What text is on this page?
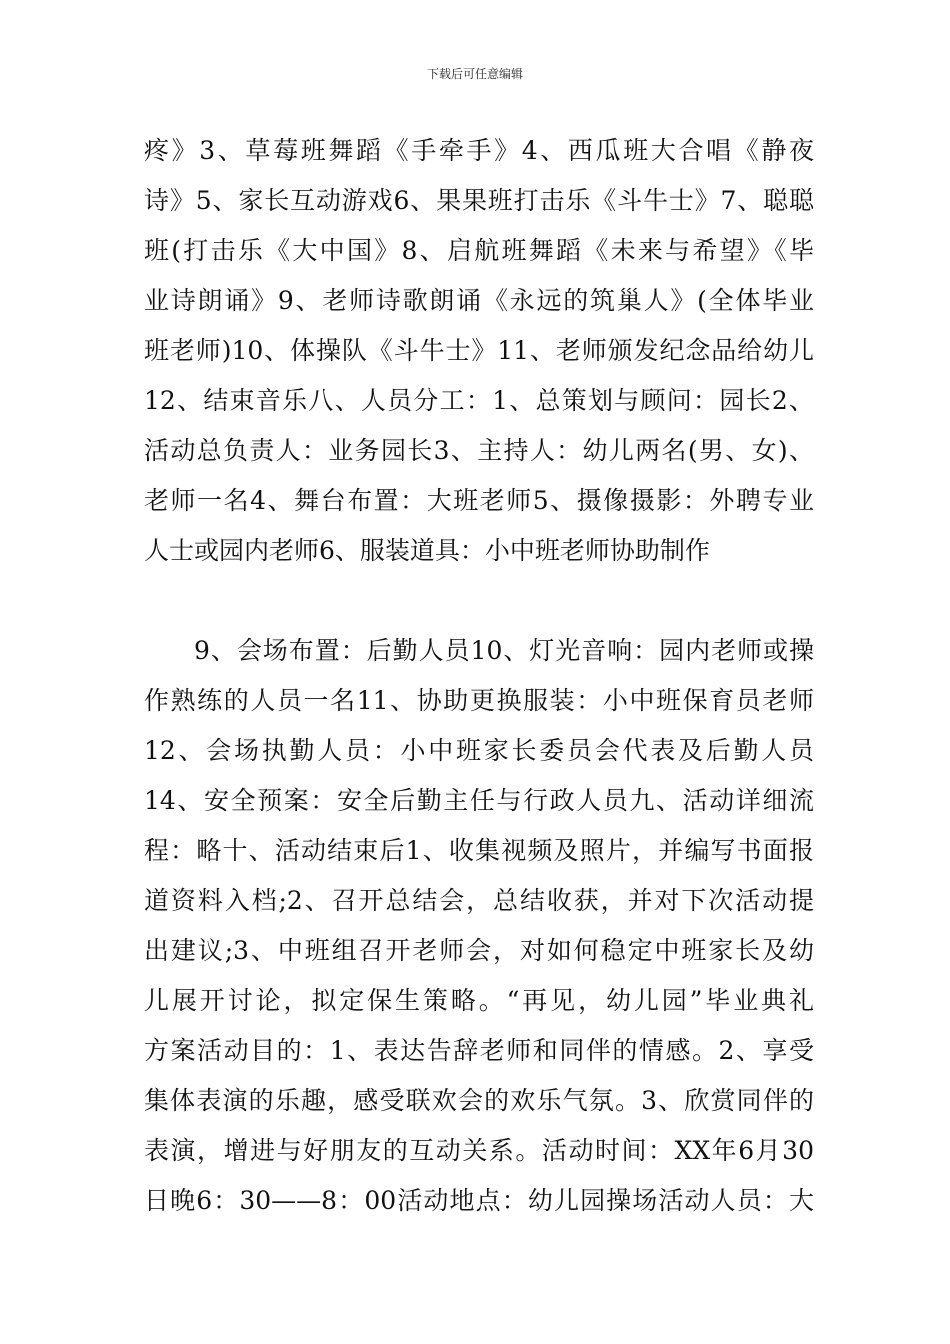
下载后可任意编辑
疼》3、草莓班舞蹈《手牵手》4、西瓜班大合唱《静夜
诗》5、家长互动游戏6、果果班打击乐《斗牛士》7、聪聪
班(打击乐《大中国》8、启航班舞蹈《未来与希望》《毕
业诗朗诵》9、老师诗歌朗诵《永远的筑巢人》(全体毕业
班老师)10、体操队《斗牛士》11、老师颁发纪念品给幼儿
12、结束音乐八、人员分工：1、总策划与顾问：园长2、
活动总负责人：业务园长3、主持人：幼儿两名(男、女)、
老师一名4、舞台布置：大班老师5、摄像摄影：外聘专业
人士或园内老师6、服装道具：小中班老师协助制作
9、会场布置：后勤人员10、灯光音响：园内老师或操
作熟练的人员一名11、协助更换服装：小中班保育员老师
12、会场执勤人员：小中班家长委员会代表及后勤人员
14、安全预案：安全后勤主任与行政人员九、活动详细流
程：略十、活动结束后1、收集视频及照片，并编写书面报
道资料入档;2、召开总结会，总结收获，并对下次活动提
出建议;3、中班组召开老师会，对如何稳定中班家长及幼
儿展开讨论，拟定保生策略。“再见，幼儿园”毕业典礼
方案活动目的：1、表达告辞老师和同伴的情感。2、享受
集体表演的乐趣，感受联欢会的欢乐气氛。3、欣赏同伴的
表演，增进与好朋友的互动关系。活动时间：XX年6月30
日晚6：30——8：00活动地点：幼儿园操场活动人员：大
